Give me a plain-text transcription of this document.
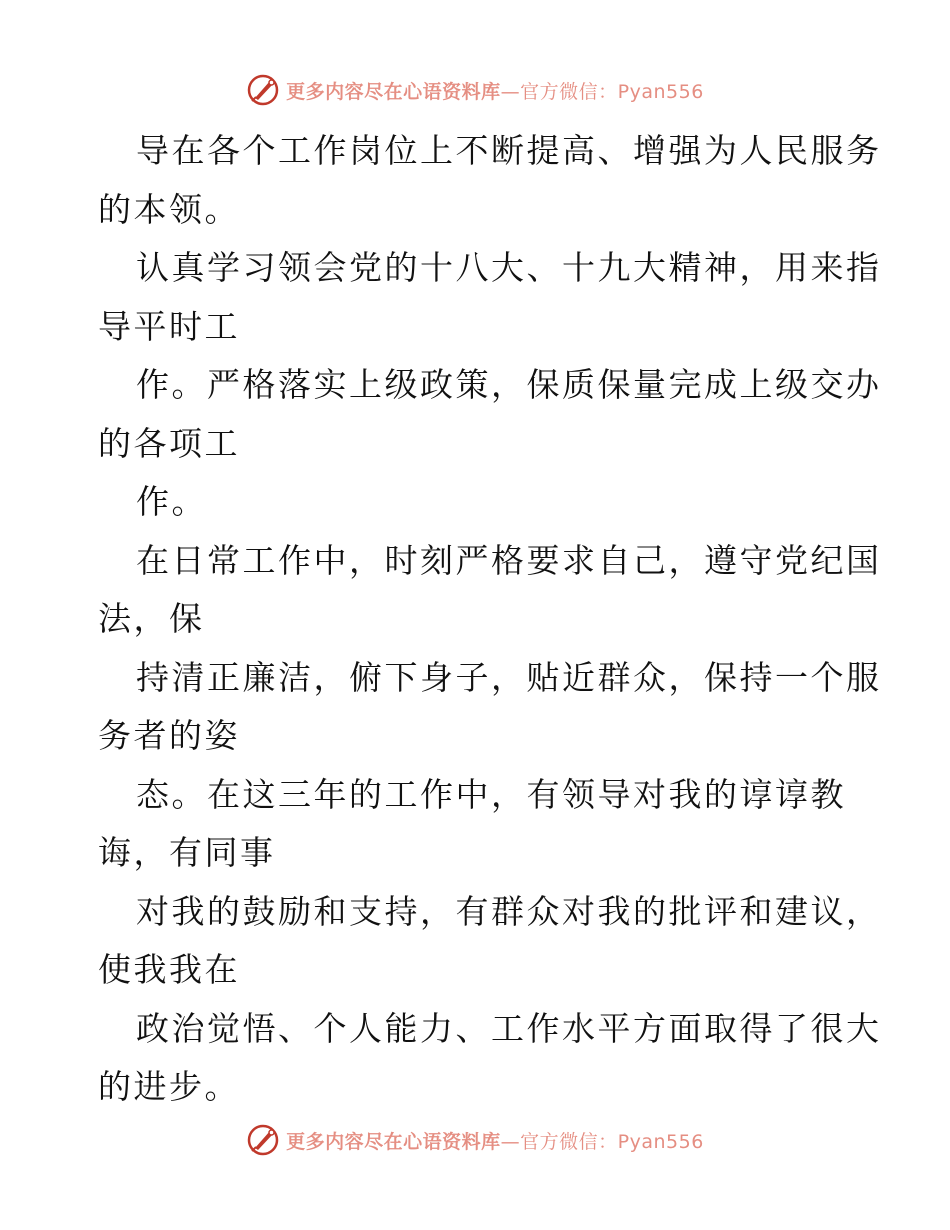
更多内容尽在心语资料库—官方微信：Pyan556
导在各个工作岗位上不断提高、增强为人民服务
的本领。
认真学习领会党的十八大、十九大精神，用来指
导平时工
作。严格落实上级政策，保质保量完成上级交办
的各项工
作。
在日常工作中，时刻严格要求自己，遵守党纪国
法，保
持清正廉洁，俯下身子，贴近群众，保持一个服
务者的姿
态。在这三年的工作中，有领导对我的谆谆教
诲，有同事
对我的鼓励和支持，有群众对我的批评和建议，
使我我在
政治觉悟、个人能力、工作水平方面取得了很大
的进步。
更多内容尽在心语资料库—官方微信：Pyan556
